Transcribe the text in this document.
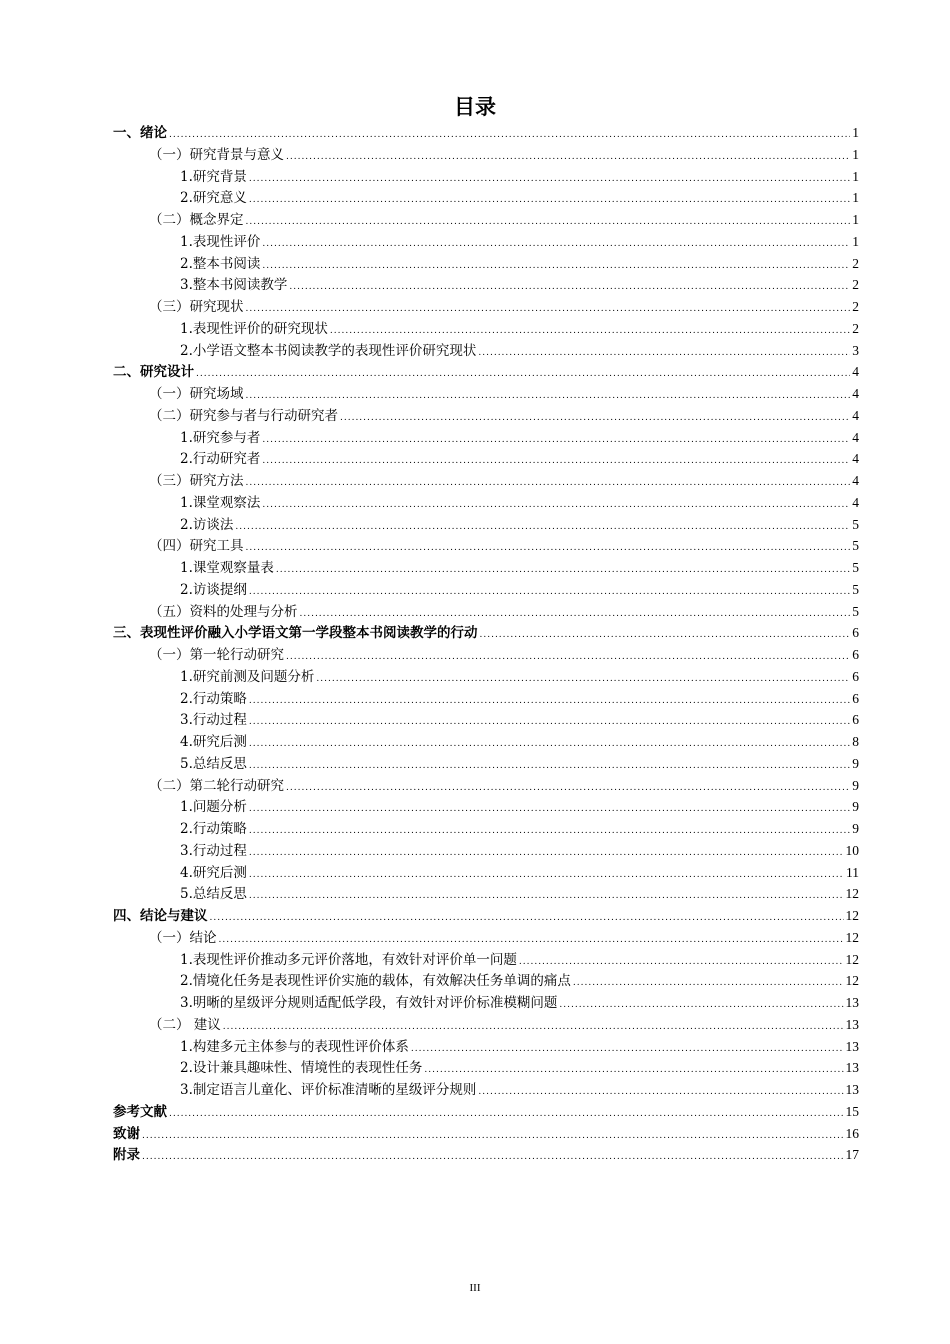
目录
一、绪论 .....	1
（一）研究背景与意义 .....	1
1.研究背景 .....	1
2.研究意义 .....	1
（二）概念界定 .....	1
1.表现性评价 .....	1
2.整本书阅读 .....	2
3.整本书阅读教学 .....	2
（三）研究现状 .....	2
1.表现性评价的研究现状 .....	2
2.小学语文整本书阅读教学的表现性评价研究现状 .....	3
二、研究设计 .....	4
（一）研究场域 .....	4
（二）研究参与者与行动研究者 .....	4
1.研究参与者 .....	4
2.行动研究者 .....	4
（三）研究方法 .....	4
1.课堂观察法 .....	4
2.访谈法 .....	5
（四）研究工具 .....	5
1.课堂观察量表 .....	5
2.访谈提纲 .....	5
（五）资料的处理与分析 .....	5
三、表现性评价融入小学语文第一学段整本书阅读教学的行动 .....	6
（一）第一轮行动研究 .....	6
1.研究前测及问题分析 .....	6
2.行动策略 .....	6
3.行动过程 .....	6
4.研究后测 .....	8
5.总结反思 .....	9
（二）第二轮行动研究 .....	9
1.问题分析 .....	9
2.行动策略 .....	9
3.行动过程 .....	10
4.研究后测 .....	11
5.总结反思 .....	12
四、结论与建议 .....	12
（一）结论 .....	12
1.表现性评价推动多元评价落地，有效针对评价单一问题 .....	12
2.情境化任务是表现性评价实施的载体，有效解决任务单调的痛点 .....	12
3.明晰的星级评分规则适配低学段，有效针对评价标准模糊问题 .....	13
（二） 建议 .....	13
1.构建多元主体参与的表现性评价体系 .....	13
2.设计兼具趣味性、情境性的表现性任务 .....	13
3.制定语言儿童化、评价标准清晰的星级评分规则 .....	13
参考文献 .....	15
致谢 .....	16
附录 .....	17
III
